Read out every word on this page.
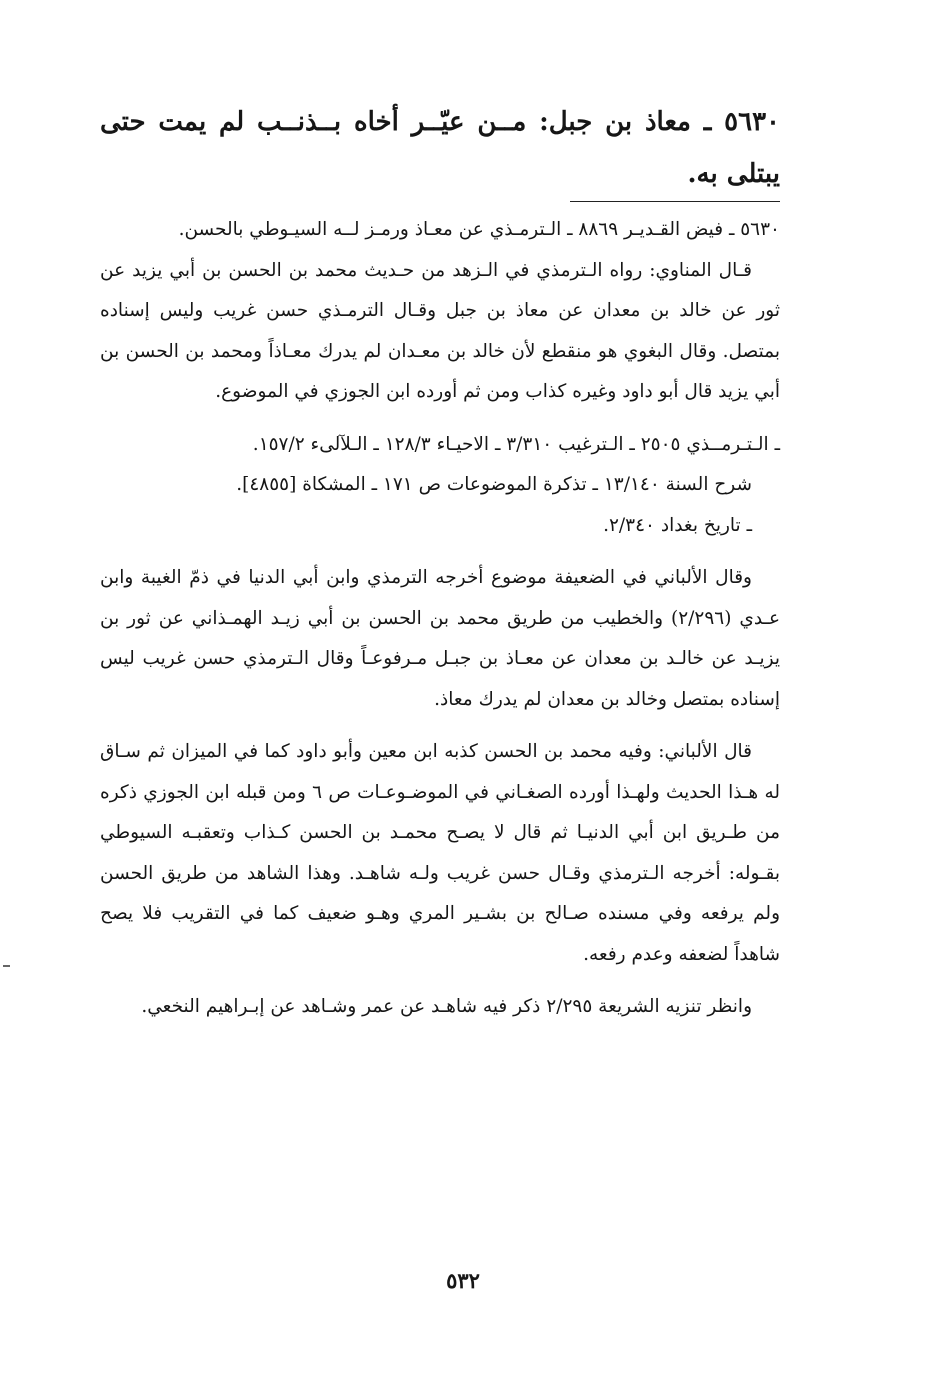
٥٦٣٠ ـ معاذ بن جبل: مــن عيّــر أخاه بــذنــب لم يمت حتى يبتلى به.

٥٦٣٠ ـ فيض القـديـر ٨٨٦٩ ـ الـترمـذي عن معـاذ ورمـز لــه السيـوطي بالحسن.

قـال المناوي: رواه الـترمذي في الـزهد من حـديث محمد بن الحسن بن أبي يزيد عن ثور عن خالد بن معدان عن معاذ بن جبل وقـال الترمـذي حسن غريب وليس إسناده بمتصل. وقال البغوي هو منقطع لأن خالد بن معـدان لم يدرك معـاذاً ومحمد بن الحسن بن أبي يزيد قال أبو داود وغيره كذاب ومن ثم أورده ابن الجوزي في الموضوع.

ـ الـتـرمــذي ٢٥٠٥ ـ الـترغيب ٣/٣١٠ ـ الاحيـاء ١٢٨/٣ ـ الـلآلىء ١٥٧/٢.

شرح السنة ١٣/١٤٠ ـ تذكرة الموضوعات ص ١٧١ ـ المشكاة [٤٨٥٥].

ـ تاريخ بغداد ٢/٣٤٠.

وقال الألباني في الضعيفة موضوع أخرجه الترمذي وابن أبي الدنيا في ذمّ الغيبة وابن عـدي (٢/٢٩٦) والخطيب من طريق محمد بن الحسن بن أبي زيـد الهمـذاني عن ثور بن يزيـد عن خالـد بن معدان عن معـاذ بن جبـل مـرفوعـاً وقال الـترمذي حسن غريب ليس إسناده بمتصل وخالد بن معدان لم يدرك معاذ.

قال الألباني: وفيه محمد بن الحسن كذبه ابن معين وأبو داود كما في الميزان ثم سـاق له هـذا الحديث ولهـذا أورده الصغـاني في الموضـوعـات ص ٦ ومن قبله ابن الجوزي ذكره من طـريق ابن أبي الدنيـا ثم قال لا يصـح محمـد بن الحسن كـذاب وتعقبـه السيوطي بقـوله: أخرجه الـترمذي وقـال حسن غريب ولـه شاهـد. وهذا الشاهد من طريق الحسن ولم يرفعه وفي مسنده صـالح بن بشـير المري وهـو ضعيف كما في التقريب فلا يصح شاهداً لضعفه وعدم رفعه.

وانظر تنزيه الشريعة ٢/٢٩٥ ذكر فيه شاهـد عن عمر وشـاهد عن إبـراهيم النخعي.

٥٣٢
